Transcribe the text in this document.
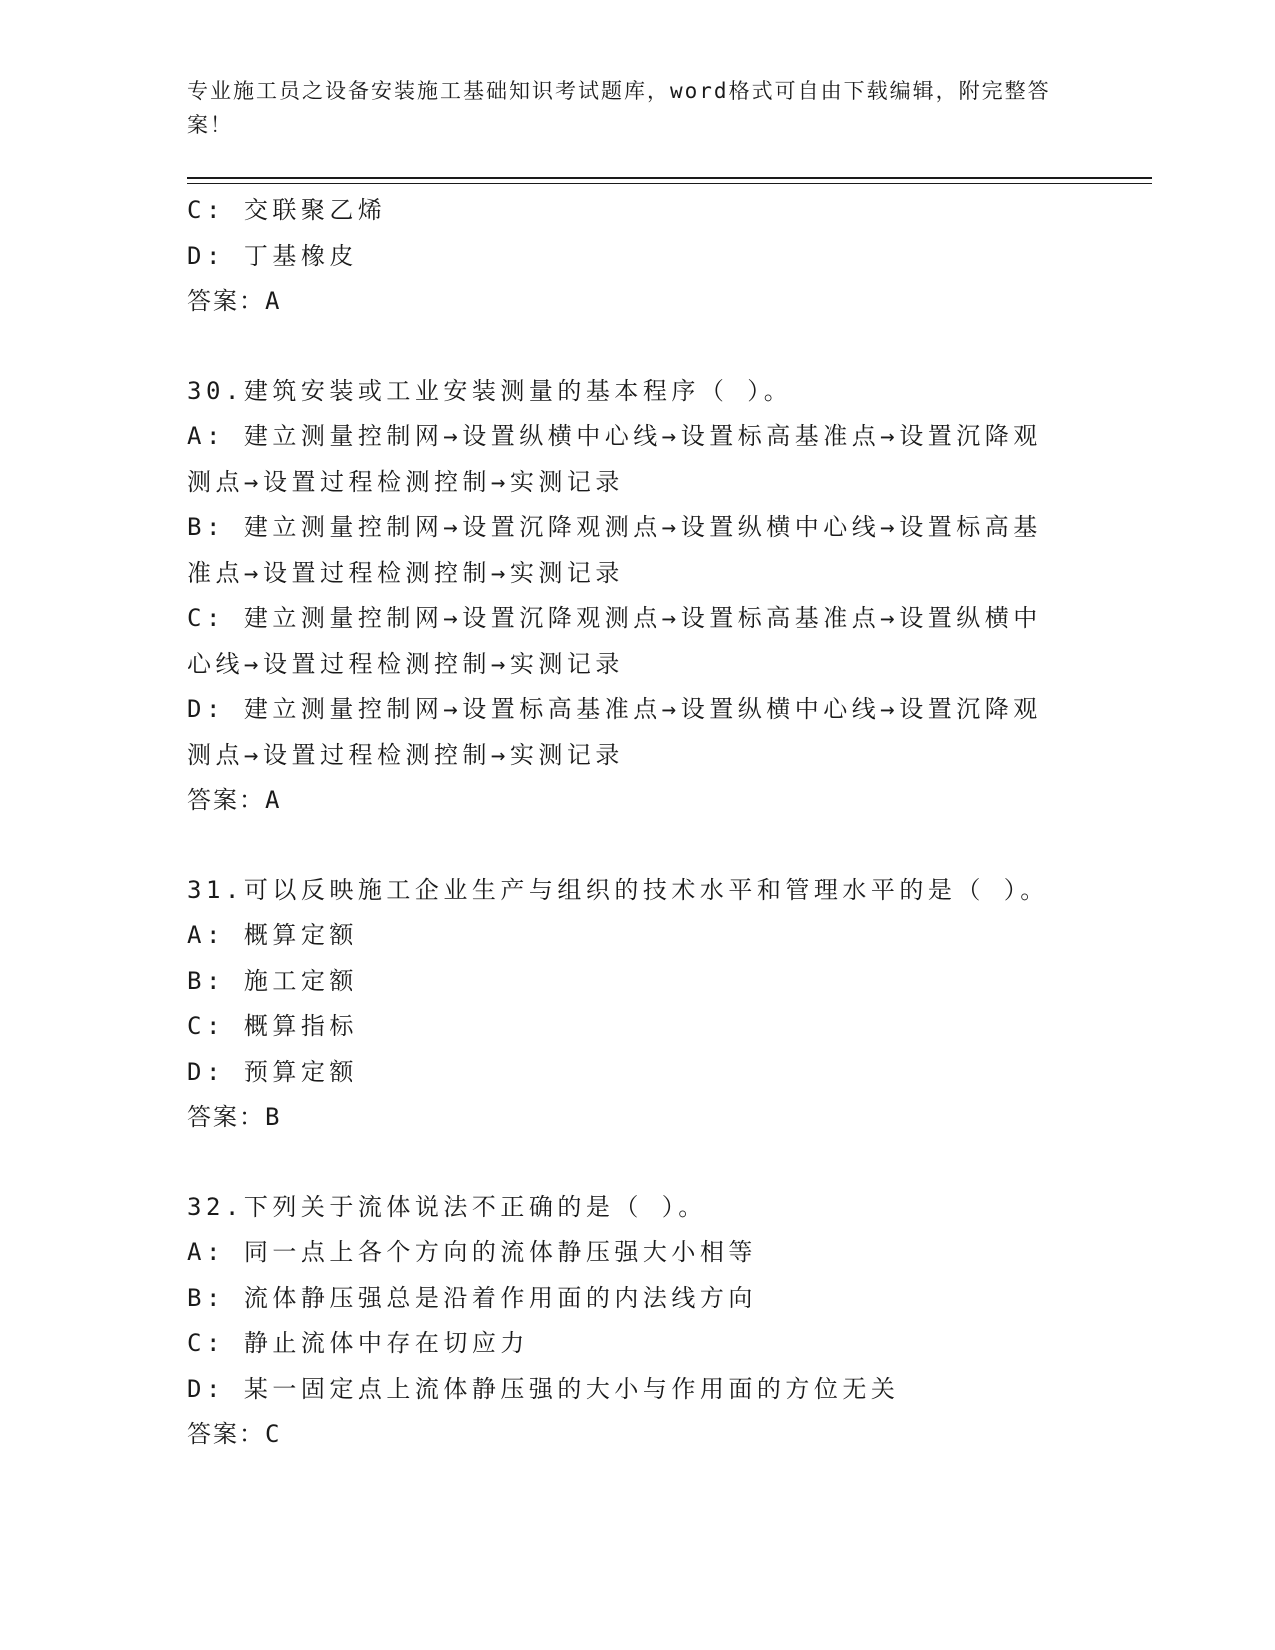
专业施工员之设备安装施工基础知识考试题库，word格式可自由下载编辑，附完整答案！
C: 交联聚乙烯
D: 丁基橡皮
答案：A
30.建筑安装或工业安装测量的基本程序（ ）。
A: 建立测量控制网→设置纵横中心线→设置标高基准点→设置沉降观测点→设置过程检测控制→实测记录
B: 建立测量控制网→设置沉降观测点→设置纵横中心线→设置标高基准点→设置过程检测控制→实测记录
C: 建立测量控制网→设置沉降观测点→设置标高基准点→设置纵横中心线→设置过程检测控制→实测记录
D: 建立测量控制网→设置标高基准点→设置纵横中心线→设置沉降观测点→设置过程检测控制→实测记录
答案：A
31.可以反映施工企业生产与组织的技术水平和管理水平的是（ ）。
A: 概算定额
B: 施工定额
C: 概算指标
D: 预算定额
答案：B
32.下列关于流体说法不正确的是（ ）。
A: 同一点上各个方向的流体静压强大小相等
B: 流体静压强总是沿着作用面的内法线方向
C: 静止流体中存在切应力
D: 某一固定点上流体静压强的大小与作用面的方位无关
答案：C
